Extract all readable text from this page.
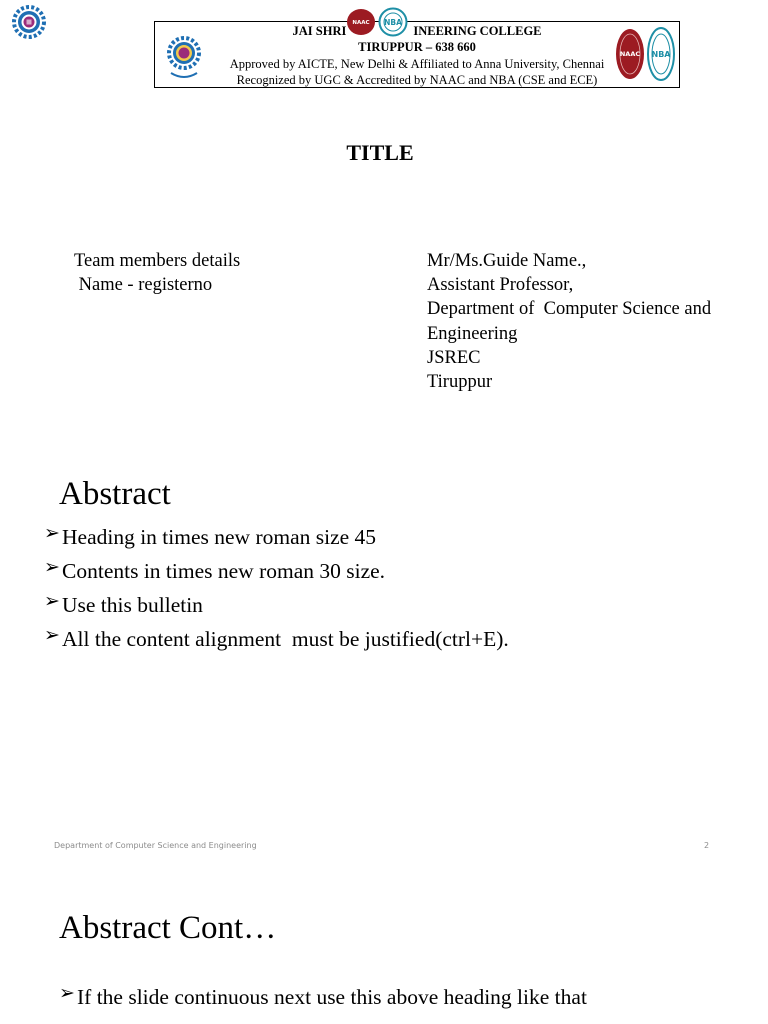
JAI SHRI	INEERING COLLEGE
TIRUPPUR – 638 660
Approved by AICTE, New Delhi & Affiliated to Anna University, Chennai
Recognized by UGC & Accredited by NAAC and NBA (CSE and ECE)
NAAC NBA
NAAC NBA
TITLE
Team members details
Name - registerno
Mr/Ms.Guide Name.,
Assistant Professor,
Department of  Computer Science and
Engineering
JSREC
Tiruppur
Abstract
➢ Heading in times new roman size 45
➢ Contents in times new roman 30 size.
➢ Use this bulletin
➢ All the content alignment  must be justified(ctrl+E).
Department of Computer Science and Engineering	2
Abstract Cont…
➢ If the slide continuous next use this above heading like that
